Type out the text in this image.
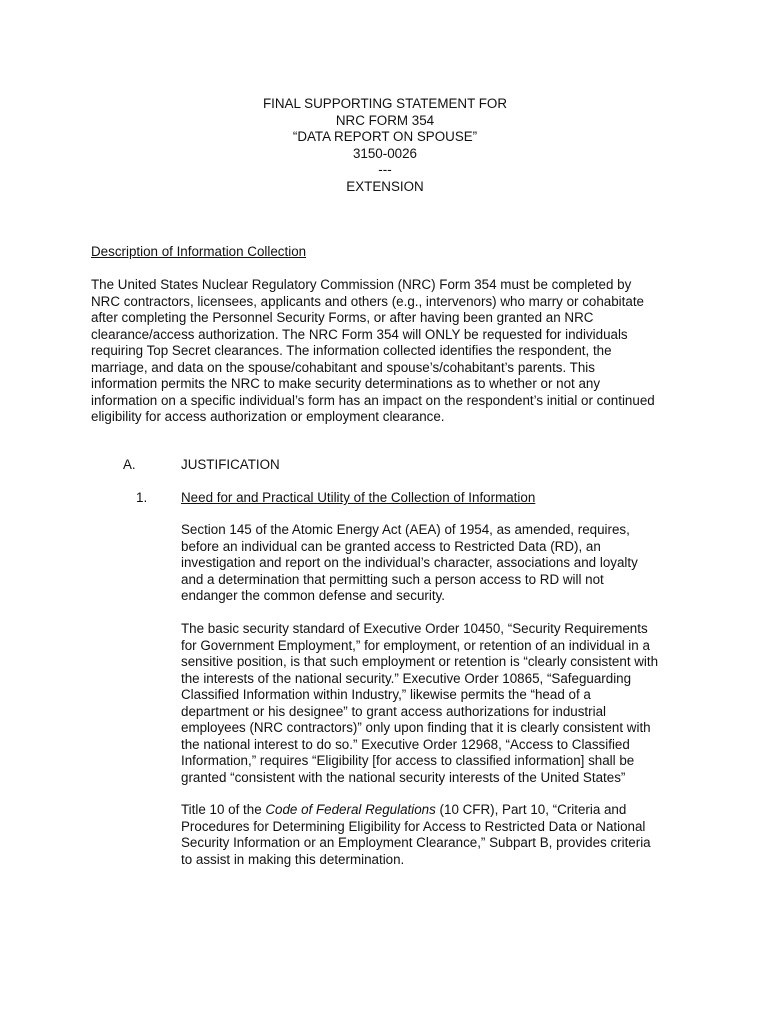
FINAL SUPPORTING STATEMENT FOR
NRC FORM 354
“DATA REPORT ON SPOUSE”
3150-0026
---
EXTENSION
Description of Information Collection
The United States Nuclear Regulatory Commission (NRC) Form 354 must be completed by
NRC contractors, licensees, applicants and others (e.g., intervenors) who marry or cohabitate
after completing the Personnel Security Forms, or after having been granted an NRC
clearance/access authorization. The NRC Form 354 will ONLY be requested for individuals
requiring Top Secret clearances. The information collected identifies the respondent, the
marriage, and data on the spouse/cohabitant and spouse’s/cohabitant’s parents. This
information permits the NRC to make security determinations as to whether or not any
information on a specific individual’s form has an impact on the respondent’s initial or continued
eligibility for access authorization or employment clearance.
A.	JUSTIFICATION
1.	Need for and Practical Utility of the Collection of Information
Section 145 of the Atomic Energy Act (AEA) of 1954, as amended, requires,
before an individual can be granted access to Restricted Data (RD), an
investigation and report on the individual’s character, associations and loyalty
and a determination that permitting such a person access to RD will not
endanger the common defense and security.
The basic security standard of Executive Order 10450, “Security Requirements
for Government Employment,” for employment, or retention of an individual in a
sensitive position, is that such employment or retention is “clearly consistent with
the interests of the national security.” Executive Order 10865, “Safeguarding
Classified Information within Industry,” likewise permits the “head of a
department or his designee” to grant access authorizations for industrial
employees (NRC contractors)” only upon finding that it is clearly consistent with
the national interest to do so.” Executive Order 12968, “Access to Classified
Information,” requires “Eligibility [for access to classified information] shall be
granted “consistent with the national security interests of the United States”
Title 10 of the Code of Federal Regulations (10 CFR), Part 10, “Criteria and
Procedures for Determining Eligibility for Access to Restricted Data or National
Security Information or an Employment Clearance,” Subpart B, provides criteria
to assist in making this determination.
